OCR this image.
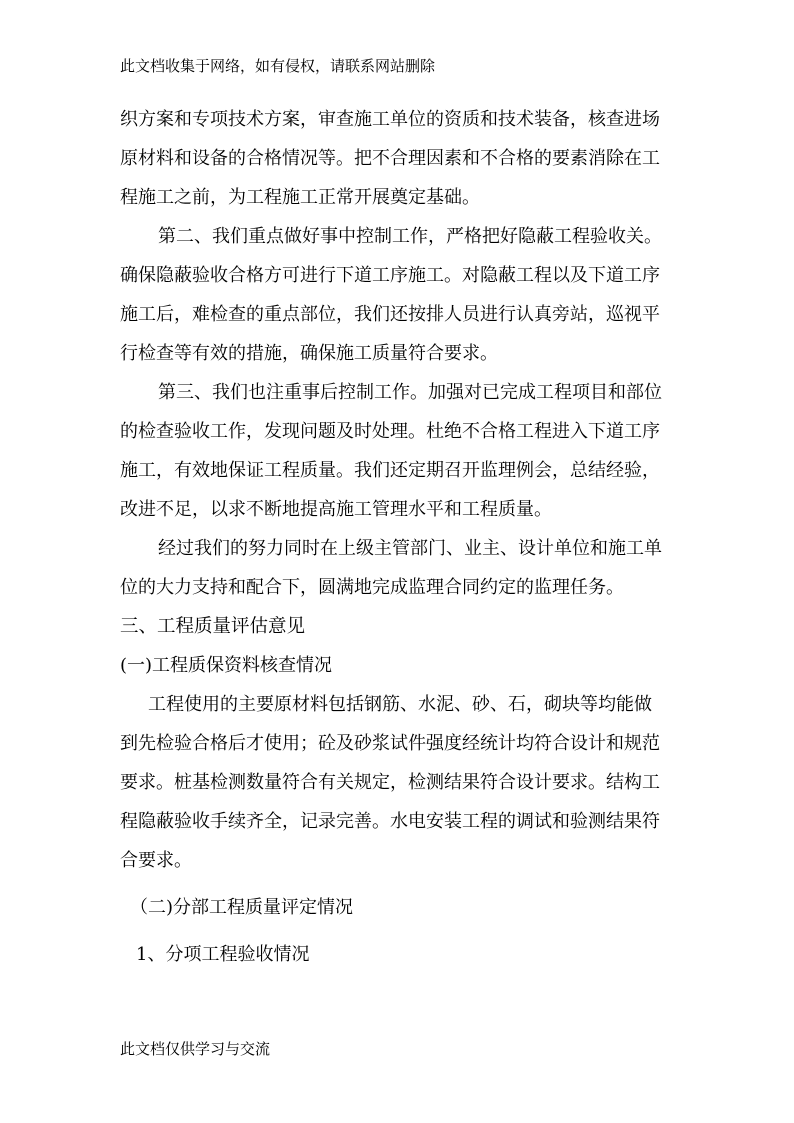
此文档收集于网络，如有侵权，请联系网站删除
织方案和专项技术方案，审查施工单位的资质和技术装备，核查进场
原材料和设备的合格情况等。把不合理因素和不合格的要素消除在工
程施工之前，为工程施工正常开展奠定基础。
第二、我们重点做好事中控制工作，严格把好隐蔽工程验收关。
确保隐蔽验收合格方可进行下道工序施工。对隐蔽工程以及下道工序
施工后，难检查的重点部位，我们还按排人员进行认真旁站，巡视平
行检查等有效的措施，确保施工质量符合要求。
第三、我们也注重事后控制工作。加强对已完成工程项目和部位
的检查验收工作，发现问题及时处理。杜绝不合格工程进入下道工序
施工，有效地保证工程质量。我们还定期召开监理例会，总结经验，
改进不足，以求不断地提高施工管理水平和工程质量。
经过我们的努力同时在上级主管部门、业主、设计单位和施工单
位的大力支持和配合下，圆满地完成监理合同约定的监理任务。
三、工程质量评估意见
(一)工程质保资料核查情况
工程使用的主要原材料包括钢筋、水泥、砂、石，砌块等均能做
到先检验合格后才使用；砼及砂浆试件强度经统计均符合设计和规范
要求。桩基检测数量符合有关规定，检测结果符合设计要求。结构工
程隐蔽验收手续齐全，记录完善。水电安装工程的调试和验测结果符
合要求。
（二)分部工程质量评定情况
1、分项工程验收情况
此文档仅供学习与交流
